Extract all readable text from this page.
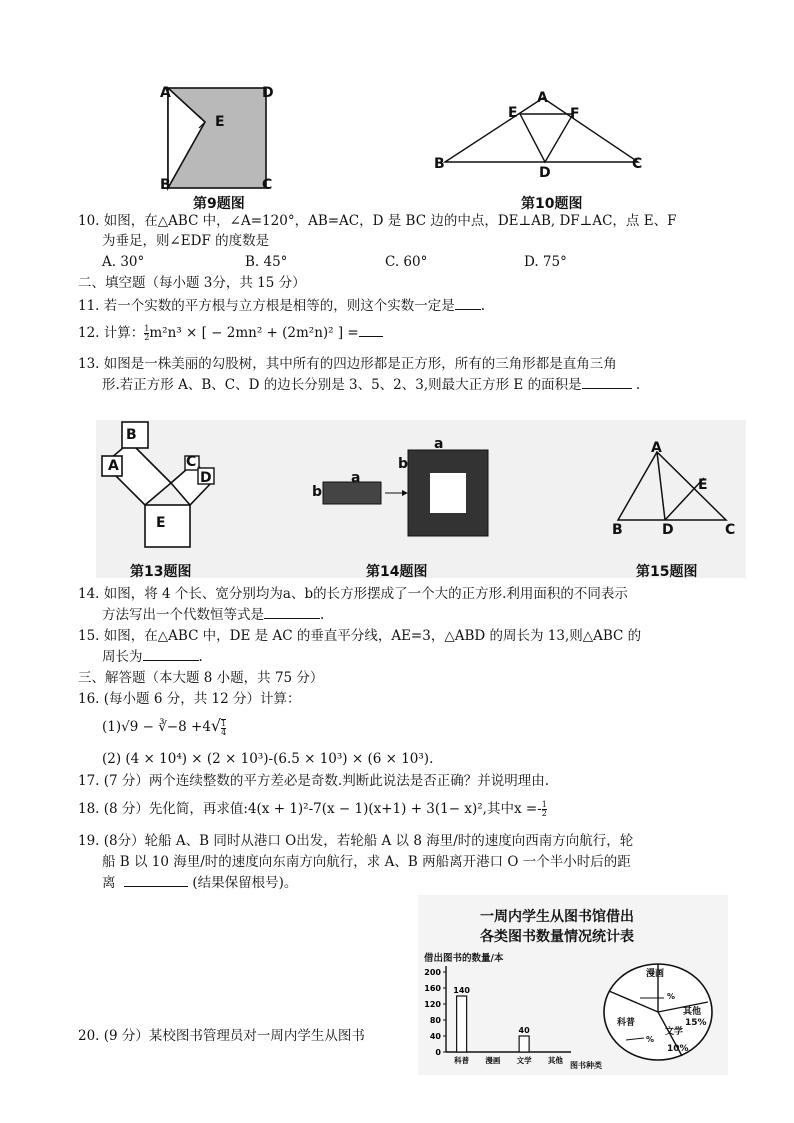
A	D
E
B	C
第9题图
A
E	F
B
D
C
第10题图
10. 如图，在△ABC 中，∠A=120°，AB=AC，D 是 BC 边的中点，DE⊥AB, DF⊥AC，点 E、F
为垂足，则∠EDF 的度数是
A. 30°	B. 45°	C. 60°	D. 75°
二、填空题（每小题 3分，共 15 分）
11. 若一个实数的平方根与立方根是相等的，则这个实数一定是 .
12. 计算： $\frac{1}{2} m^2n^3$ × [ − 2mn² + (2m²n)² ] =
13. 如图是一株美丽的勾股树，其中所有的四边形都是正方形，所有的三角形都是直角三角
形.若正方形 A、B、C、D 的边长分别是 3、5、2、3,则最大正方形 E 的面积是	.
B
A	C
D
E
第13题图
a
b
a
b
第14题图
A
E
B	D	C
第15题图
14. 如图，将 4 个长、宽分别均为a、b的长方形摆成了一个大的正方形.利用面积的不同表示
方法写出一个代数恒等式是	.
15. 如图，在△ABC 中，DE 是 AC 的垂直平分线，AE=3，△ABD 的周长为 13,则△ABC 的
周长为	.
三、解答题（本大题 8 小题，共 75 分）
16. (每小题 6 分，共 12 分）计算：
(1)√9 − ∛−8 $+4√ \frac{1}{4}$
(2) (4 × 10⁴) × (2 × 10³)-(6.5 × 10³) × (6 × 10³).
17. (7 分）两个连续整数的平方差必是奇数.判断此说法是否正确？并说明理由.
18. (8 分）先化简，再求值:4(x + 1)²-7(x − 1)(x+1) + 3(1− x)²,其中$x =- \frac{1}{2}$
19. (8分）轮船 A、B 同时从港口 O出发，若轮船 A 以 8 海里/时的速度向西南方向航行，轮
船 B 以 10 海里/时的速度向东南方向航行，求 A、B 两船离开港口 O 一个半小时后的距
离	(结果保留根号)。
20. (9 分）某校图书管理员对一周内学生从图书
一周内学生从图书馆借出
各类图书数量情况统计表
借出图书的数量/本
图书种类
0
40
80
120
160
200
科普
140
漫画 文学
40
其他
漫画
%
科普
%
文学
10%
其他
15%
